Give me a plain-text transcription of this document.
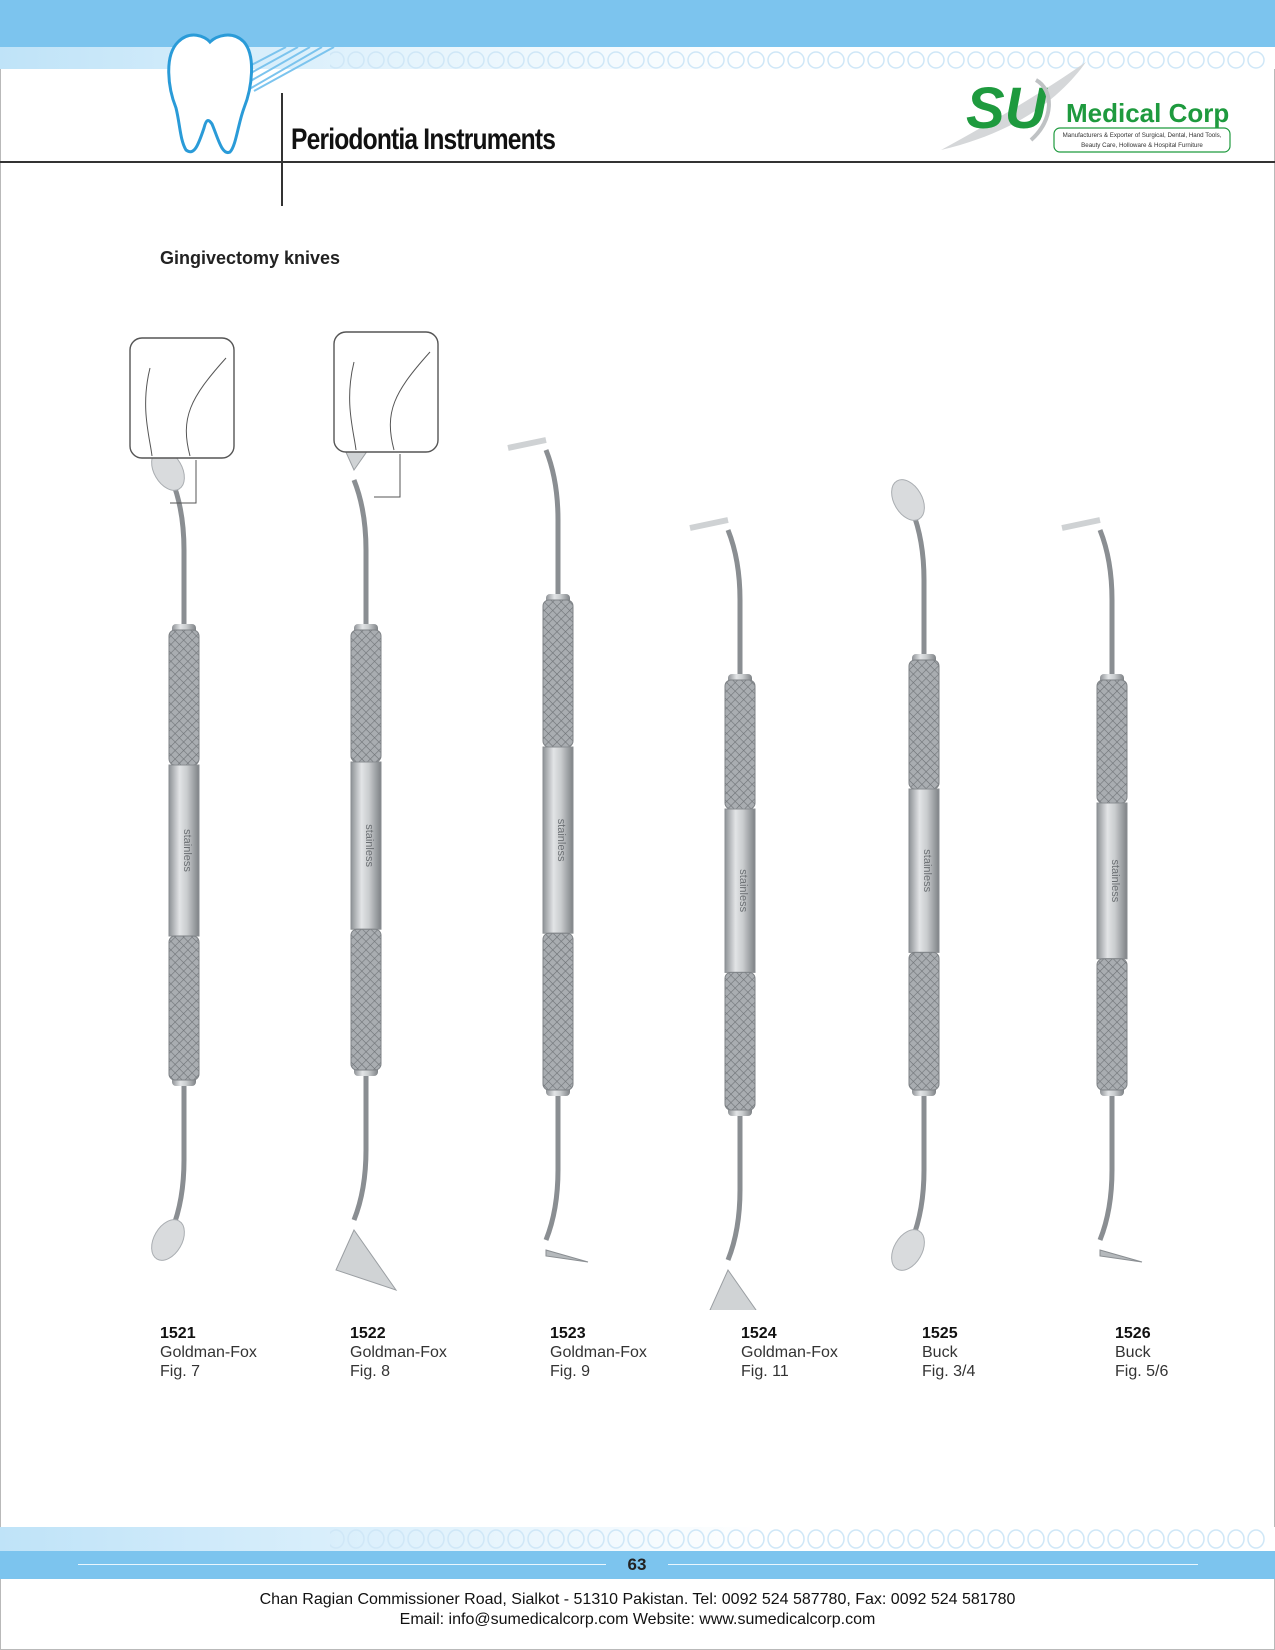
Periodontia Instruments	SU Medical Corp
Manufacturers & Exporter of Surgical, Dental, Hand Tools,
Beauty Care, Holloware & Hospital Furniture
Gingivectomy knives
stainless	stainless	stainless
stainless	stainless	stainless
1521
Goldman-Fox
Fig. 7
1522
Goldman-Fox
Fig. 8
1523
Goldman-Fox
Fig. 9
1524
Goldman-Fox
Fig. 11
1525
Buck
Fig. 3/4
1526
Buck
Fig. 5/6
63
Chan Ragian Commissioner Road, Sialkot - 51310 Pakistan. Tel: 0092 524 587780, Fax: 0092 524 581780
Email: info@sumedicalcorp.com Website: www.sumedicalcorp.com
